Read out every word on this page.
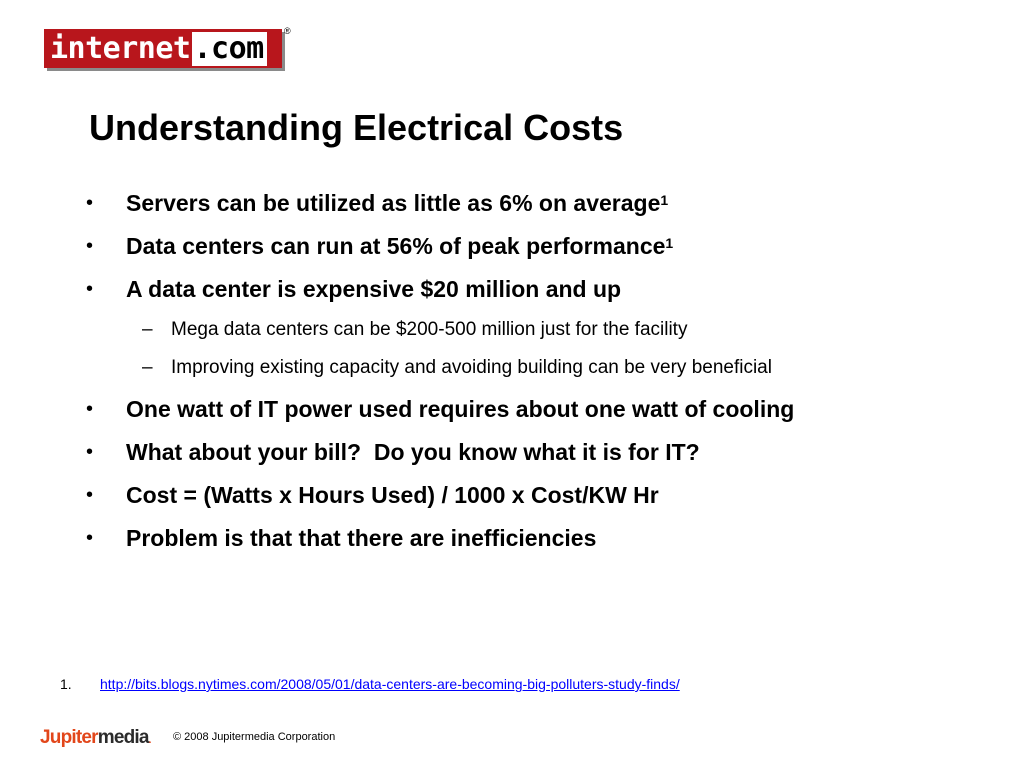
internet .com	®
Understanding Electrical Costs
•	Servers can be utilized as little as 6% on average$^1$
•	Data centers can run at 56% of peak performance$^1$
•	A data center is expensive $20 million and up
– Mega data centers can be $200-500 million just for the facility
– Improving existing capacity and avoiding building can be very beneficial
•	One watt of IT power used requires about one watt of cooling
•	What about your bill?  Do you know what it is for IT?
•	Cost = (Watts x Hours Used) / 1000 x Cost/KW Hr
•	Problem is that that there are inefficiencies
1.	http://bits.blogs.nytimes.com/2008/05/01/data-centers-are-becoming-big-polluters-study-finds/
Jupitermedia. © 2008 Jupitermedia Corporation
